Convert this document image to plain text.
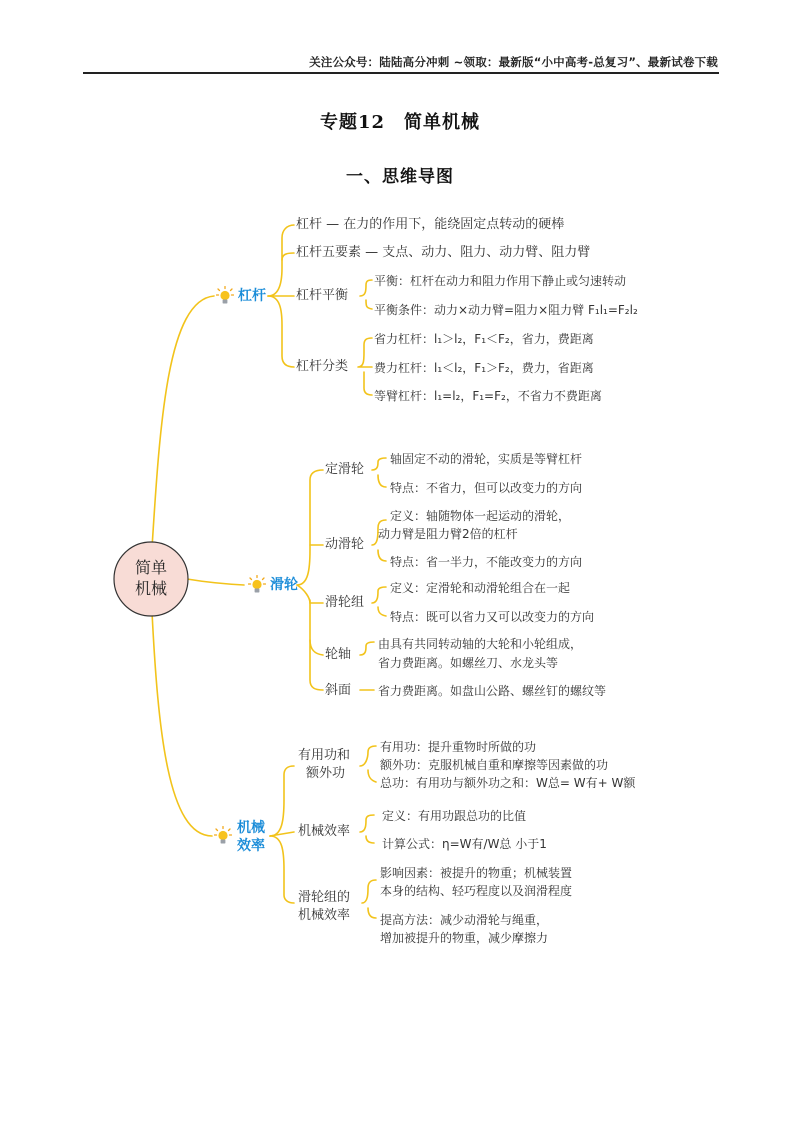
关注公众号：陆陆高分冲刺 ~领取：最新版“小中高考-总复习”、最新试卷下载
专题12　简单机械
一、思维导图
简单
机械
杠杆
滑轮
机械
效率
杠杆 — 在力的作用下，能绕固定点转动的硬棒
杠杆五要素 — 支点、动力、阻力、动力臂、阻力臂
杠杆平衡
平衡：杠杆在动力和阻力作用下静止或匀速转动
平衡条件：动力×动力臂=阻力×阻力臂 F₁l₁=F₂l₂
杠杆分类
省力杠杆：l₁＞l₂，F₁＜F₂，省力，费距离
费力杠杆：l₁＜l₂，F₁＞F₂，费力，省距离
等臂杠杆：l₁=l₂，F₁=F₂，不省力不费距离
定滑轮
轴固定不动的滑轮，实质是等臂杠杆
特点：不省力，但可以改变力的方向
动滑轮
定义：轴随物体一起运动的滑轮，
动力臂是阻力臂2倍的杠杆
特点：省一半力，不能改变力的方向
滑轮组
定义：定滑轮和动滑轮组合在一起
特点：既可以省力又可以改变力的方向
轮轴
由具有共同转动轴的大轮和小轮组成，
省力费距离。如螺丝刀、水龙头等
斜面 省力费距离。如盘山公路、螺丝钉的螺纹等
有用功和
额外功
有用功：提升重物时所做的功
额外功：克服机械自重和摩擦等因素做的功
总功：有用功与额外功之和：W总= W有+ W额
机械效率
定义：有用功跟总功的比值
计算公式：η=W有/W总 小于1
滑轮组的
机械效率
影响因素：被提升的物重；机械装置
本身的结构、轻巧程度以及润滑程度
提高方法：减少动滑轮与绳重，
增加被提升的物重，减少摩擦力
